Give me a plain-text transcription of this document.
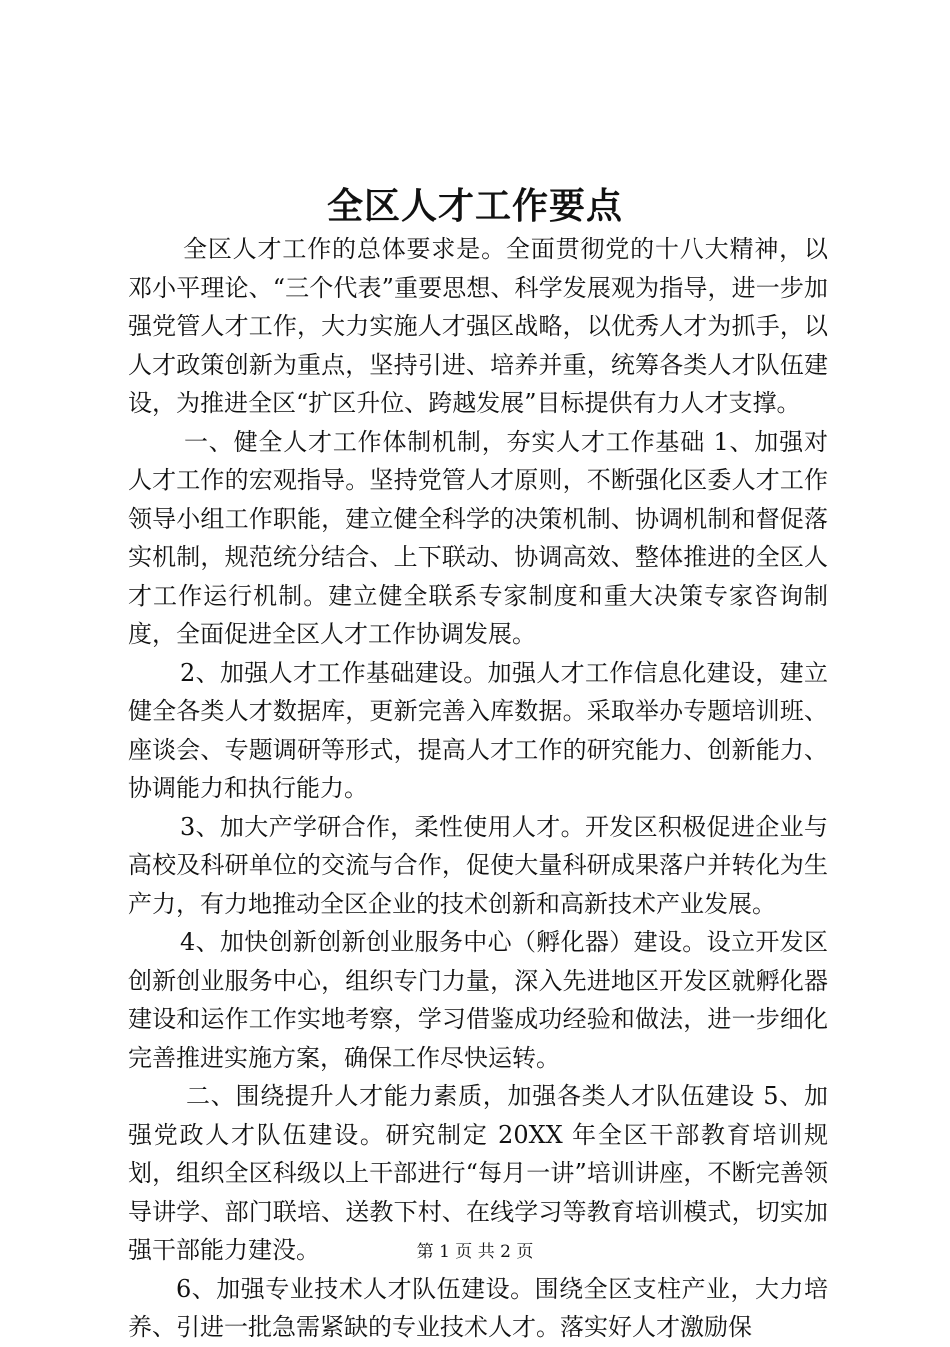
全区人才工作要点

全区人才工作的总体要求是。全面贯彻党的十八大精神，以邓小平理论、“三个代表”重要思想、科学发展观为指导，进一步加强党管人才工作，大力实施人才强区战略，以优秀人才为抓手，以人才政策创新为重点，坚持引进、培养并重，统筹各类人才队伍建设，为推进全区“扩区升位、跨越发展”目标提供有力人才支撑。

一、健全人才工作体制机制，夯实人才工作基础 1、加强对人才工作的宏观指导。坚持党管人才原则，不断强化区委人才工作领导小组工作职能，建立健全科学的决策机制、协调机制和督促落实机制，规范统分结合、上下联动、协调高效、整体推进的全区人才工作运行机制。建立健全联系专家制度和重大决策专家咨询制度，全面促进全区人才工作协调发展。

2、加强人才工作基础建设。加强人才工作信息化建设，建立健全各类人才数据库，更新完善入库数据。采取举办专题培训班、座谈会、专题调研等形式，提高人才工作的研究能力、创新能力、协调能力和执行能力。

3、加大产学研合作，柔性使用人才。开发区积极促进企业与高校及科研单位的交流与合作，促使大量科研成果落户并转化为生产力，有力地推动全区企业的技术创新和高新技术产业发展。

4、加快创新创新创业服务中心（孵化器）建设。设立开发区创新创业服务中心，组织专门力量，深入先进地区开发区就孵化器建设和运作工作实地考察，学习借鉴成功经验和做法，进一步细化完善推进实施方案，确保工作尽快运转。

二、围绕提升人才能力素质，加强各类人才队伍建设 5、加强党政人才队伍建设。研究制定 20XX 年全区干部教育培训规划，组织全区科级以上干部进行“每月一讲”培训讲座，不断完善领导讲学、部门联培、送教下村、在线学习等教育培训模式，切实加强干部能力建没。

6、加强专业技术人才队伍建设。围绕全区支柱产业，大力培养、引进一批急需紧缺的专业技术人才。落实好人才激励保

第 1 页 共 2 页
